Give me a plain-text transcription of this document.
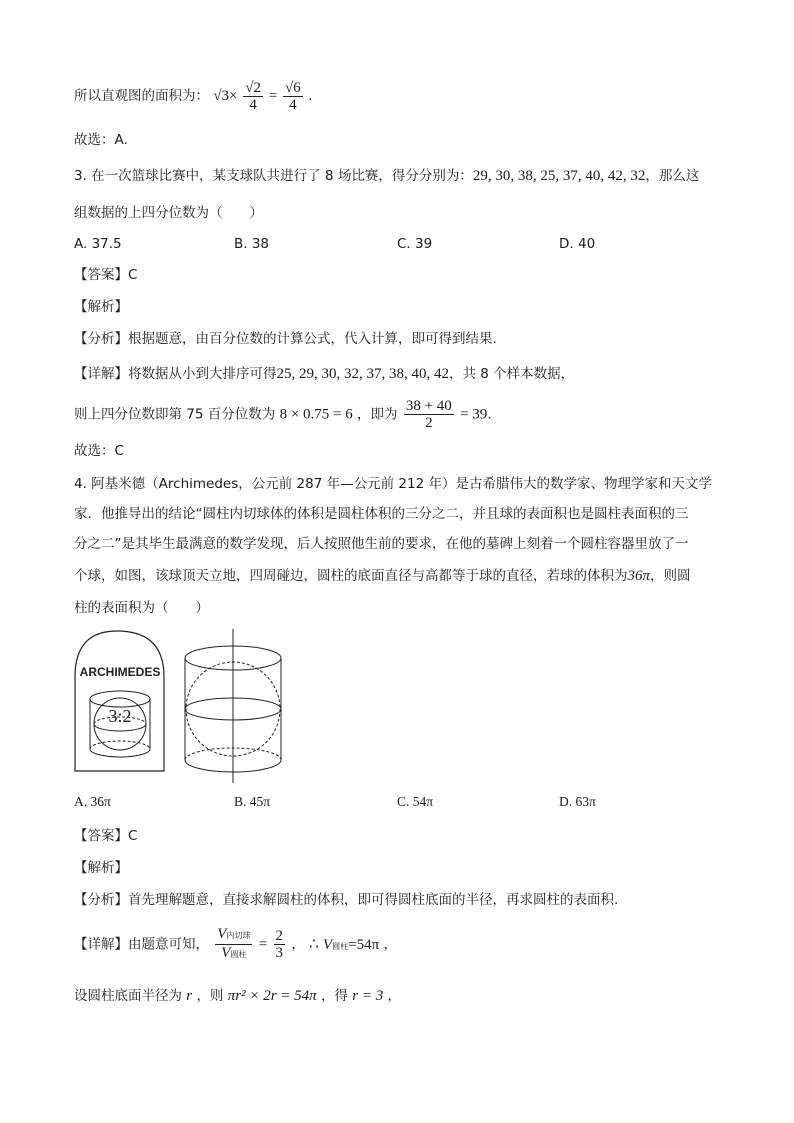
所以直观图的面积为： $√3\times \frac{√2}{4} = \frac{√6}{4}$ .
故选：A.
3. 在一次篮球比赛中，某支球队共进行了 8 场比赛，得分分别为：29, 30, 38, 25, 37, 40, 42, 32，那么这
组数据的上四分位数为（　　）
A. 37.5	B. 38	C. 39	D. 40
【答案】C
【解析】
【分析】根据题意，由百分位数的计算公式，代入计算，即可得到结果.
【详解】将数据从小到大排序可得25, 29, 30, 32, 37, 38, 40, 42，共 8 个样本数据，
则上四分位数即第 75 百分位数为 8 × 0.75 = 6 ，即为 $\frac{38 + 40}{2} = 39$.
故选：C
4. 阿基米德（Archimedes，公元前 287 年—公元前 212 年）是古希腊伟大的数学家、物理学家和天文学
家．他推导出的结论“圆柱内切球体的体积是圆柱体积的三分之二，并且球的表面积也是圆柱表面积的三
分之二”是其毕生最满意的数学发现，后人按照他生前的要求，在他的墓碑上刻着一个圆柱容器里放了一
个球，如图，该球顶天立地，四周碰边，圆柱的底面直径与高都等于球的直径，若球的体积为36π，则圆
柱的表面积为（　　）
ARCHIMEDES
3:2
A. 36π	B. 45π	C. 54π	D. 63π
【答案】C
【解析】
【分析】首先理解题意，直接求解圆柱的体积，即可得圆柱底面的半径，再求圆柱的表面积.
【详解】由题意可知， $\frac{\text{V内切球}}{\text{V圆柱}} = \frac{2}{3}$ ， ∴ V圆柱=54π ，
设圆柱底面半径为 r ，则 πr² × 2r = 54π ，得 r = 3 ，
